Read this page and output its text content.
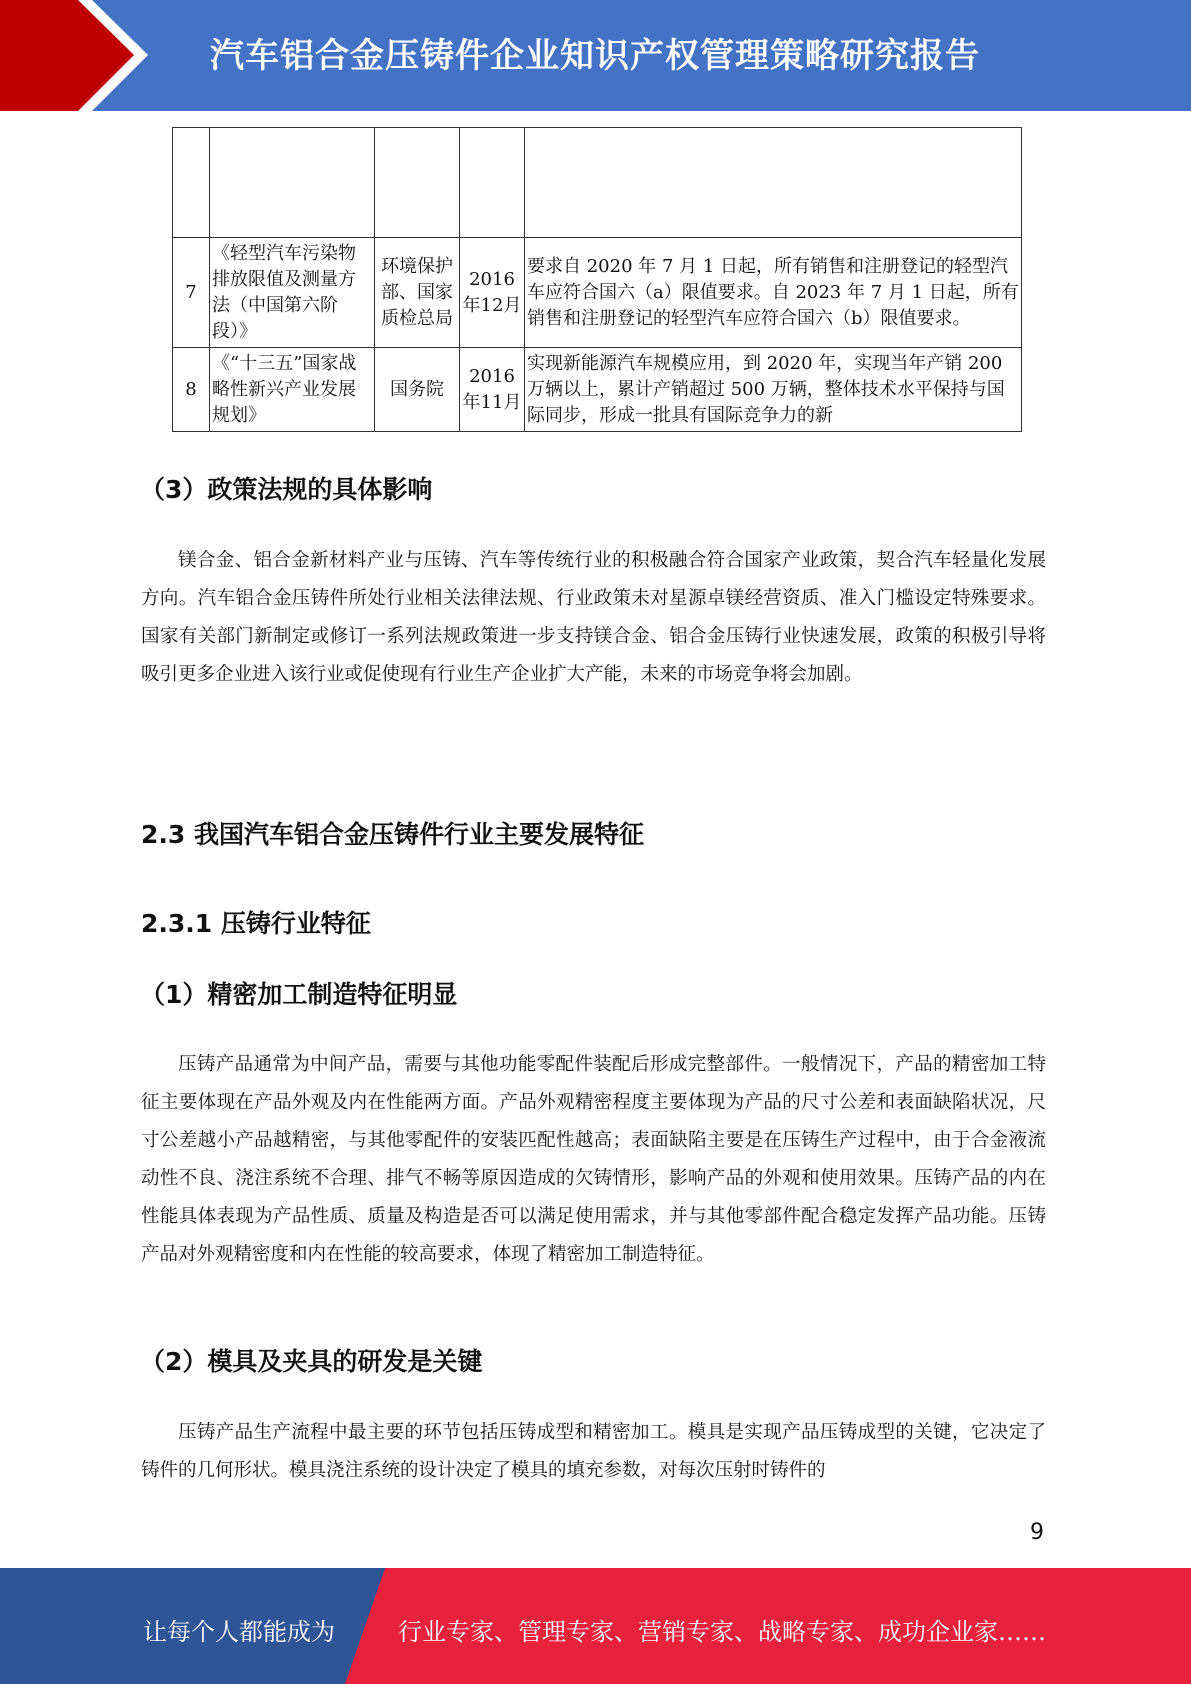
汽车铝合金压铸件企业知识产权管理策略研究报告

7	《轻型汽车污染物排放限值及测量方法（中国第六阶段）》	环境保护部、国家质检总局	2016年12月	要求自 2020 年 7 月 1 日起，所有销售和注册登记的轻型汽车应符合国六（a）限值要求。自 2023 年 7 月 1 日起，所有销售和注册登记的轻型汽车应符合国六（b）限值要求。
8	《“十三五”国家战略性新兴产业发展规划》	国务院	2016年11月	实现新能源汽车规模应用，到 2020 年，实现当年产销 200 万辆以上，累计产销超过 500 万辆，整体技术水平保持与国际同步，形成一批具有国际竞争力的新
（3）政策法规的具体影响

镁合金、铝合金新材料产业与压铸、汽车等传统行业的积极融合符合国家产业政策，契合汽车轻量化发展方向。汽车铝合金压铸件所处行业相关法律法规、行业政策未对星源卓镁经营资质、准入门槛设定特殊要求。国家有关部门新制定或修订一系列法规政策进一步支持镁合金、铝合金压铸行业快速发展，政策的积极引导将吸引更多企业进入该行业或促使现有行业生产企业扩大产能，未来的市场竞争将会加剧。

2.3 我国汽车铝合金压铸件行业主要发展特征
2.3.1 压铸行业特征
（1）精密加工制造特征明显

压铸产品通常为中间产品，需要与其他功能零配件装配后形成完整部件。一般情况下，产品的精密加工特征主要体现在产品外观及内在性能两方面。产品外观精密程度主要体现为产品的尺寸公差和表面缺陷状况，尺寸公差越小产品越精密，与其他零配件的安装匹配性越高；表面缺陷主要是在压铸生产过程中，由于合金液流动性不良、浇注系统不合理、排气不畅等原因造成的欠铸情形，影响产品的外观和使用效果。压铸产品的内在性能具体表现为产品性质、质量及构造是否可以满足使用需求，并与其他零部件配合稳定发挥产品功能。压铸产品对外观精密度和内在性能的较高要求，体现了精密加工制造特征。

（2）模具及夹具的研发是关键

压铸产品生产流程中最主要的环节包括压铸成型和精密加工。模具是实现产品压铸成型的关键，它决定了铸件的几何形状。模具浇注系统的设计决定了模具的填充参数，对每次压射时铸件的

9
让每个人都能成为	行业专家、管理专家、营销专家、战略专家、成功企业家……
